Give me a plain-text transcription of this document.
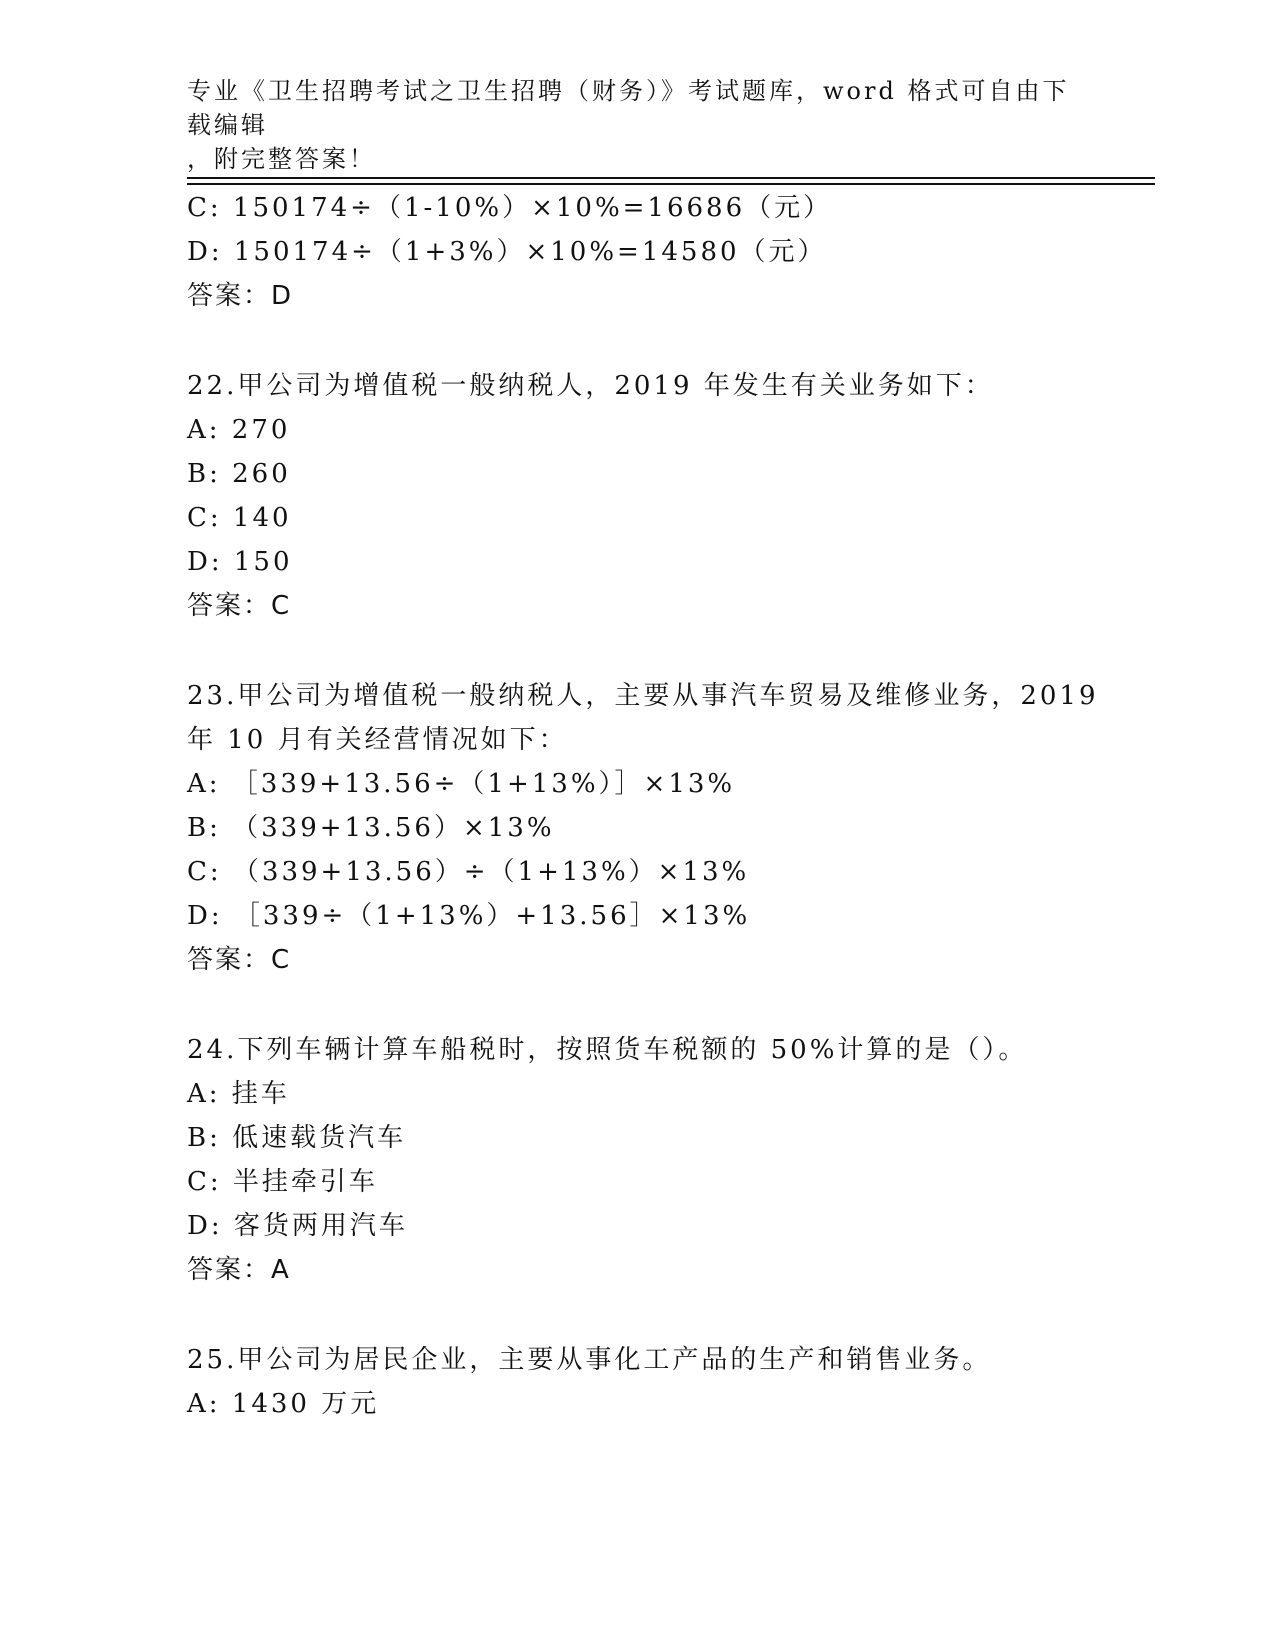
专业《卫生招聘考试之卫生招聘（财务）》考试题库，word 格式可自由下载编辑
，附完整答案！
C: 150174÷（1-10%）×10%=16686（元）
D: 150174÷（1+3%）×10%=14580（元）
答案：D
22.甲公司为增值税一般纳税人，2019 年发生有关业务如下：
A: 270
B: 260
C: 140
D: 150
答案：C
23.甲公司为增值税一般纳税人，主要从事汽车贸易及维修业务，2019
年 10 月有关经营情况如下：
A: ［339+13.56÷（1+13%）］×13%
B: （339+13.56）×13%
C: （339+13.56）÷（1+13%）×13%
D: ［339÷（1+13%）+13.56］×13%
答案：C
24.下列车辆计算车船税时，按照货车税额的 50%计算的是（）。
A: 挂车
B: 低速载货汽车
C: 半挂牵引车
D: 客货两用汽车
答案：A
25.甲公司为居民企业，主要从事化工产品的生产和销售业务。
A: 1430 万元
